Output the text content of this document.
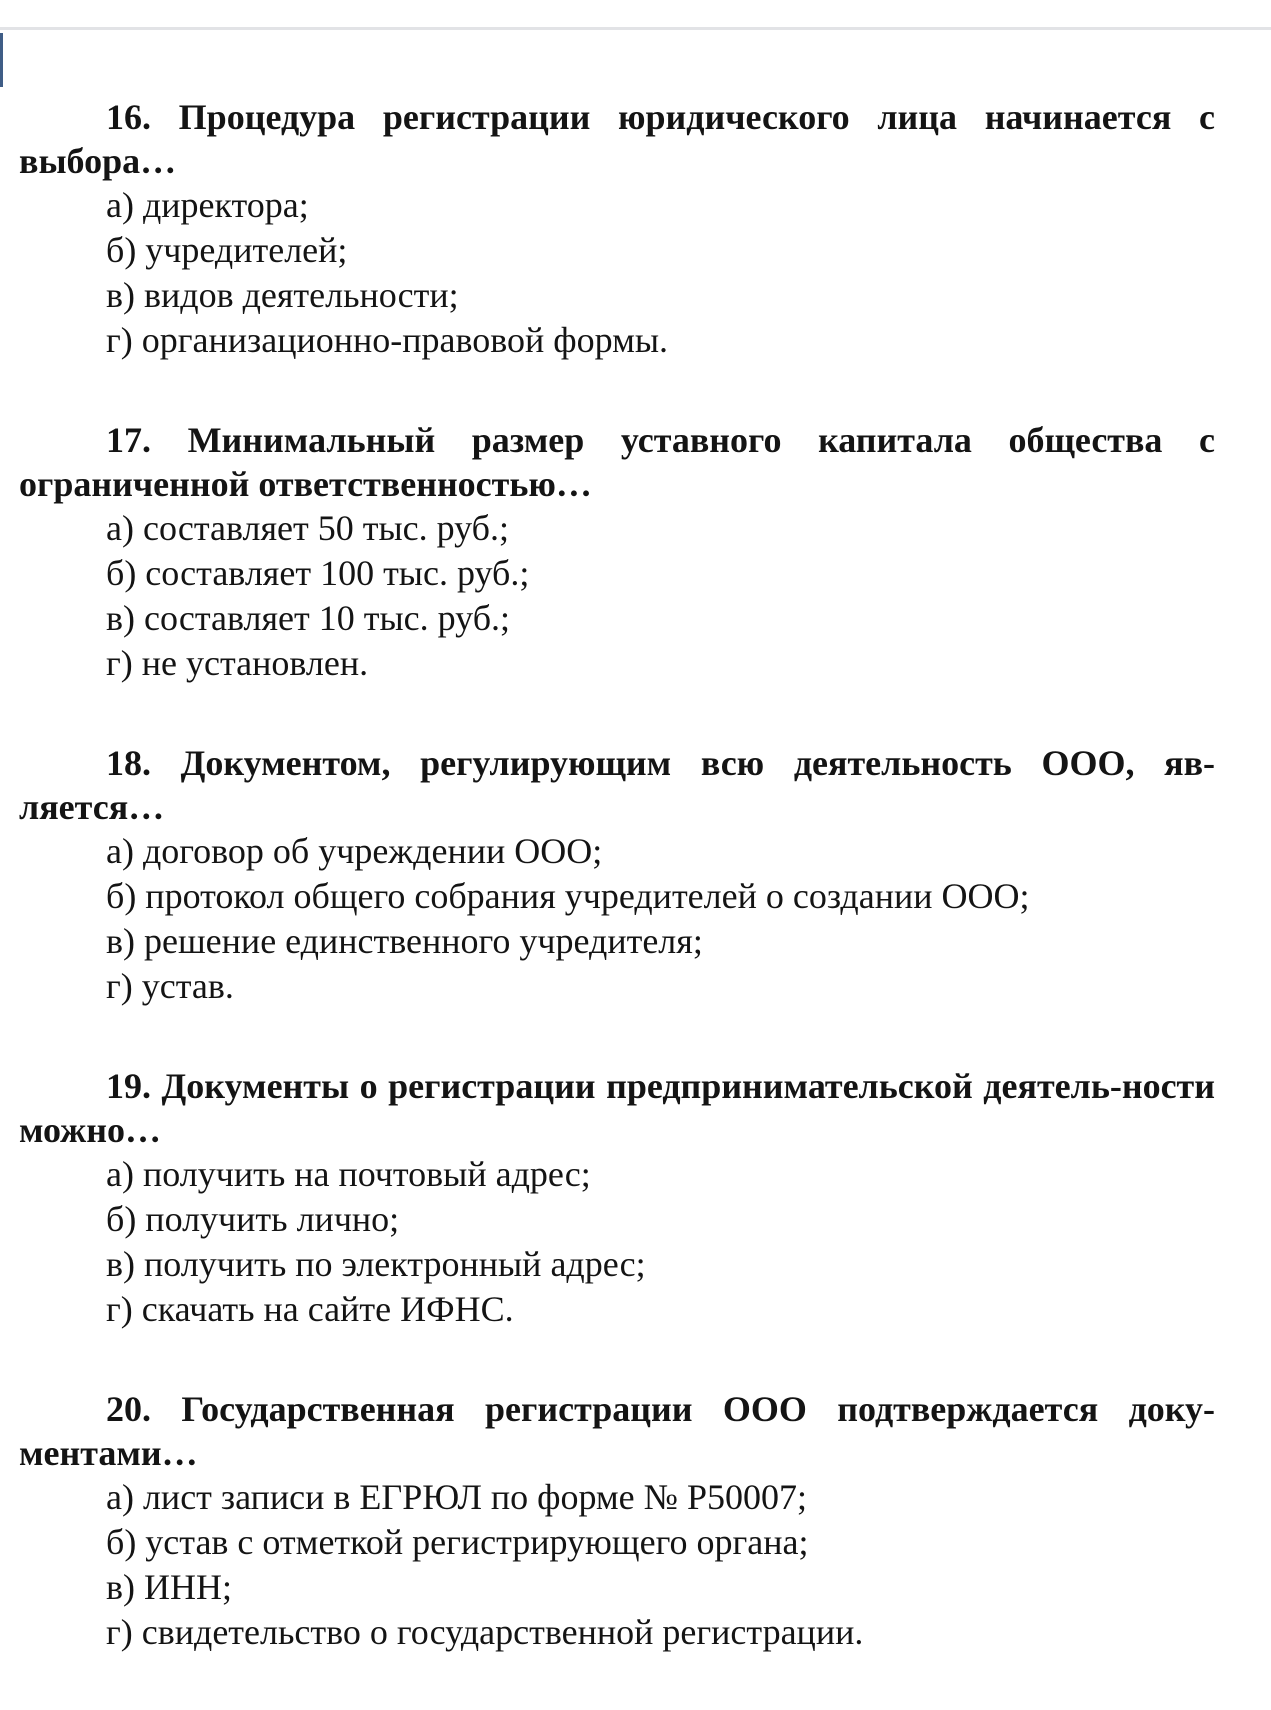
16. Процедура регистрации юридического лица начинается с выбора…

а) директора;
б) учредителей;
в) видов деятельности;
г) организационно-правовой формы.

17. Минимальный размер уставного капитала общества с ограниченной ответственностью…

а) составляет 50 тыс. руб.;
б) составляет 100 тыс. руб.;
в) составляет 10 тыс. руб.;
г) не установлен.

18. Документом, регулирующим всю деятельность ООО, яв-ляется…

а) договор об учреждении ООО;
б) протокол общего собрания учредителей о создании ООО;
в) решение единственного учредителя;
г) устав.

19. Документы о регистрации предпринимательской деятель-ности можно…

а) получить на почтовый адрес;
б) получить лично;
в) получить по электронный адрес;
г) скачать на сайте ИФНС.

20. Государственная регистрации ООО подтверждается доку-ментами…

а) лист записи в ЕГРЮЛ по форме № Р50007;
б) устав с отметкой регистрирующего органа;
в) ИНН;
г) свидетельство о государственной регистрации.
